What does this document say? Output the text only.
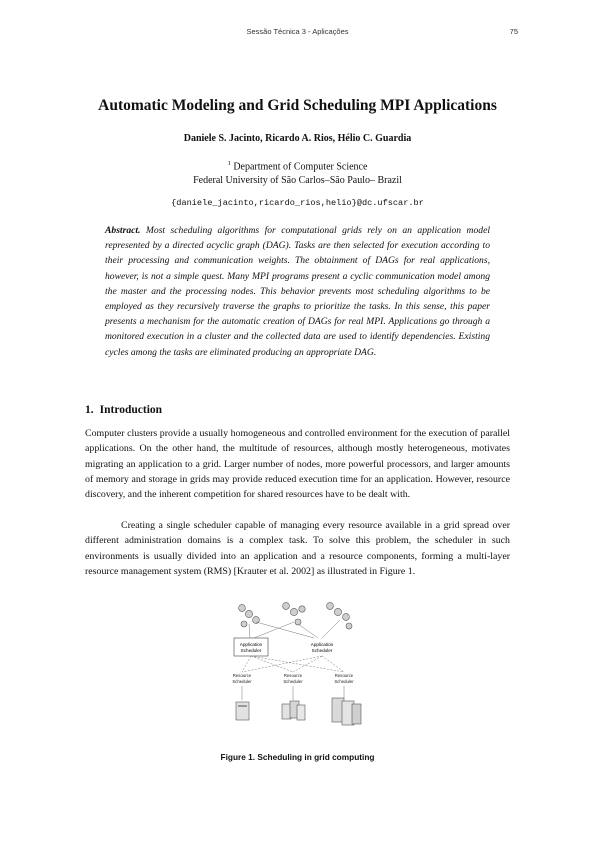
Sessão Técnica 3 - Aplicações	75
Automatic Modeling and Grid Scheduling MPI Applications
Daniele S. Jacinto, Ricardo A. Rios, Hélio C. Guardia
$^1$ Department of Computer Science
Federal University of São Carlos–São Paulo– Brazil
{daniele_jacinto,ricardo_rios,helio}@dc.ufscar.br
Abstract. Most scheduling algorithms for computational grids rely on an application model represented by a directed acyclic graph (DAG). Tasks are then selected for execution according to their processing and communication weights. The obtainment of DAGs for real applications, however, is not a simple quest. Many MPI programs present a cyclic communication model among the master and the processing nodes. This behavior prevents most scheduling algorithms to be employed as they recursively traverse the graphs to prioritize the tasks. In this sense, this paper presents a mechanism for the automatic creation of DAGs for real MPI. Applications go through a monitored execution in a cluster and the collected data are used to identify dependencies. Existing cycles among the tasks are eliminated producing an appropriate DAG.
1. Introduction
Computer clusters provide a usually homogeneous and controlled environment for the execution of parallel applications. On the other hand, the multitude of resources, although mostly heterogeneous, motivates migrating an application to a grid. Larger number of nodes, more powerful processors, and larger amounts of memory and storage in grids may provide reduced execution time for an application. However, resource discovery, and the inherent competition for shared resources have to be dealt with.
Creating a single scheduler capable of managing every resource available in a grid spread over different administration domains is a complex task. To solve this problem, the scheduler in such environments is usually divided into an application and a resource components, forming a multi-layer resource management system (RMS) [Krauter et al. 2002] as illustrated in Figure 1.
Application
Scheduler
Application
Scheduler
Resource
Scheduler
Resource
Scheduler
Resource
Scheduler
Figure 1. Scheduling in grid computing
